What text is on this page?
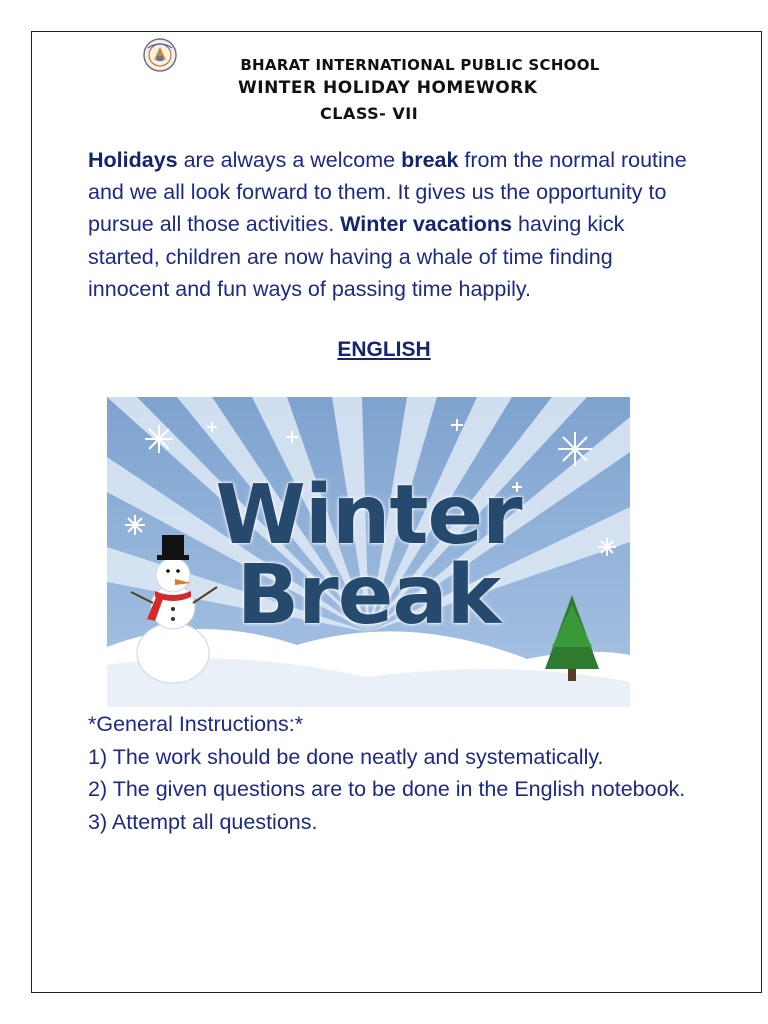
BHARAT INTERNATIONAL PUBLIC SCHOOL
WINTER HOLIDAY HOMEWORK
CLASS- VII

Holidays are always a welcome break from the normal routine and we all look forward to them. It gives us the opportunity to pursue all those activities. Winter vacations having kick started, children are now having a whale of time finding innocent and fun ways of passing time happily.

ENGLISH
Winter
Break
*General Instructions:*
1) The work should be done neatly and systematically.
2) The given questions are to be done in the English notebook.
3) Attempt all questions.
